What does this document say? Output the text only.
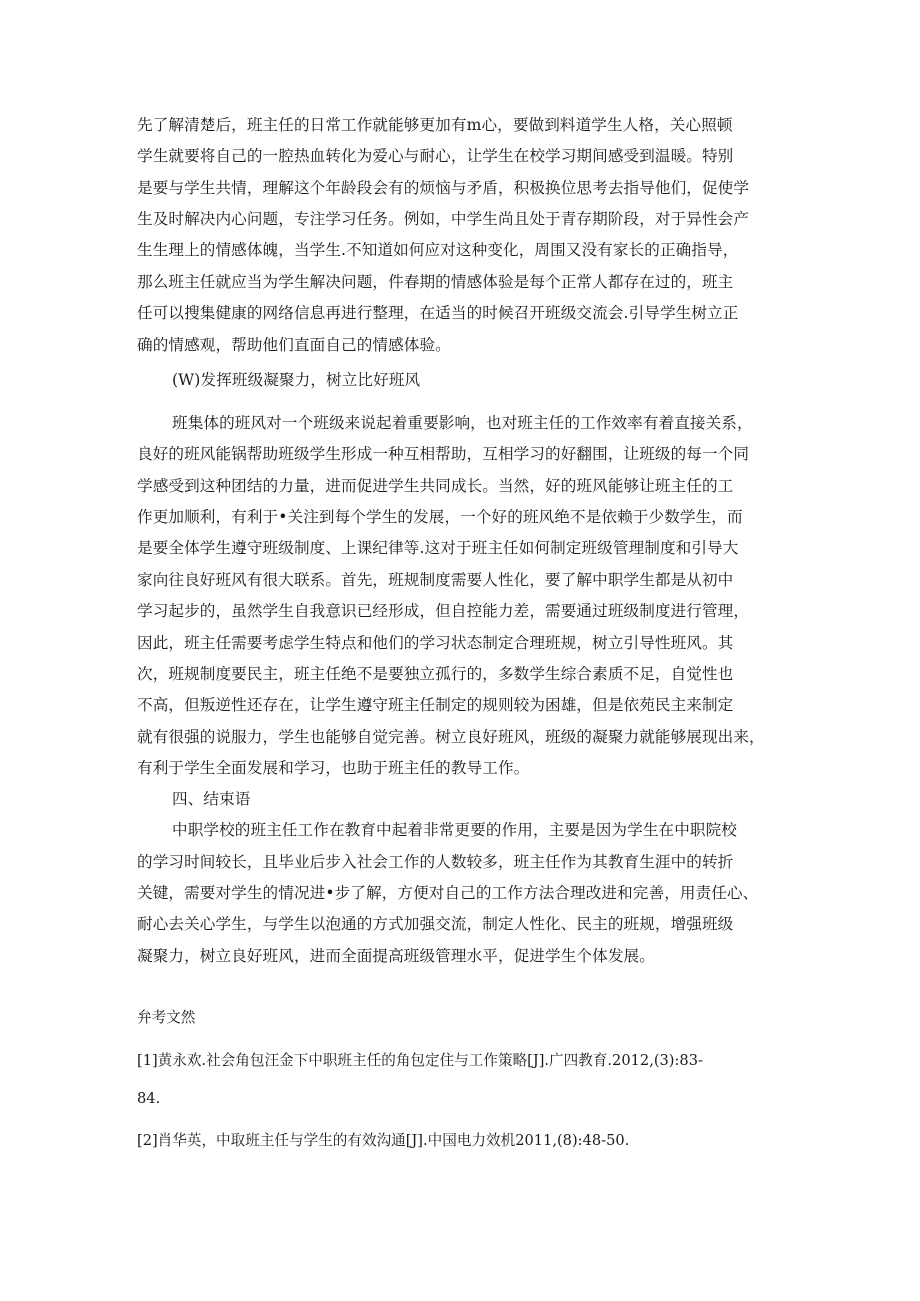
先了解清楚后，班主任的日常工作就能够更加有m心，要做到料道学生人格，关心照顿
学生就要将自己的一腔热血转化为爱心与耐心，让学生在校学习期间感受到温暖。特别
是要与学生共情，理解这个年龄段会有的烦恼与矛盾，积极换位思考去指导他们，促使学
生及时解决内心问题，专注学习任务。例如，中学生尚且处于青存期阶段，对于异性会产
生生理上的情感体魄，当学生.不知道如何应对这种变化，周围又没有家长的正确指导，
那么班主任就应当为学生解决问题，件春期的情感体验是每个正常人都存在过的，班主
任可以搜集健康的网络信息再进行整理，在适当的时候召开班级交流会.引导学生树立正
确的情感观，帮助他们直面自己的情感体验。
(W)发挥班级凝聚力，树立比好班风
班集体的班风对一个班级来说起着重要影响，也对班主任的工作效率有着直接关系，
良好的班风能锅帮助班级学生形成一种互相帮助，互相学习的好翻围，让班级的每一个同
学感受到这种团结的力量，进而促进学生共同成长。当然，好的班风能够让班主任的工
作更加顺利，有利于•关注到每个学生的发展，一个好的班风绝不是依赖于少数学生，而
是要全体学生遵守班级制度、上课纪律等.这对于班主任如何制定班级管理制度和引导大
家向往良好班风有很大联系。首先，班规制度需要人性化，要了解中职学生都是从初中
学习起步的，虽然学生自我意识已经形成，但自控能力差，需要通过班级制度进行管理，
因此，班主任需要考虑学生特点和他们的学习状态制定合理班规，树立引导性班风。其
次，班规制度要民主，班主任绝不是要独立孤行的，多数学生综合素质不足，自觉性也
不高，但叛逆性还存在，让学生遵守班主任制定的规则较为困雄，但是依苑民主来制定
就有很强的说服力，学生也能够自觉完善。树立良好班风，班级的凝聚力就能够展现出来，
有利于学生全面发展和学习，也助于班主任的教导工作。
四、结束语
中职学校的班主任工作在教育中起着非常更要的作用，主要是因为学生在中职院校
的学习时间较长，且毕业后步入社会工作的人数较多，班主任作为其教育生涯中的转折
关键，需要对学生的情况进•步了解，方便对自己的工作方法合理改进和完善，用责任心、
耐心去关心学生，与学生以泡通的方式加强交流，制定人性化、民主的班规，增强班级
凝聚力，树立良好班风，进而全面提高班级管理水平，促进学生个体发展。
弁考文然
[1]黄永欢.社会角包汪金下中职班主任的角包定住与工作策略[J].广四教育.2012,(3):83-
84.
[2]肖华英，中取班主任与学生的有效沟通[J].中国电力效机2011,(8):48-50.
